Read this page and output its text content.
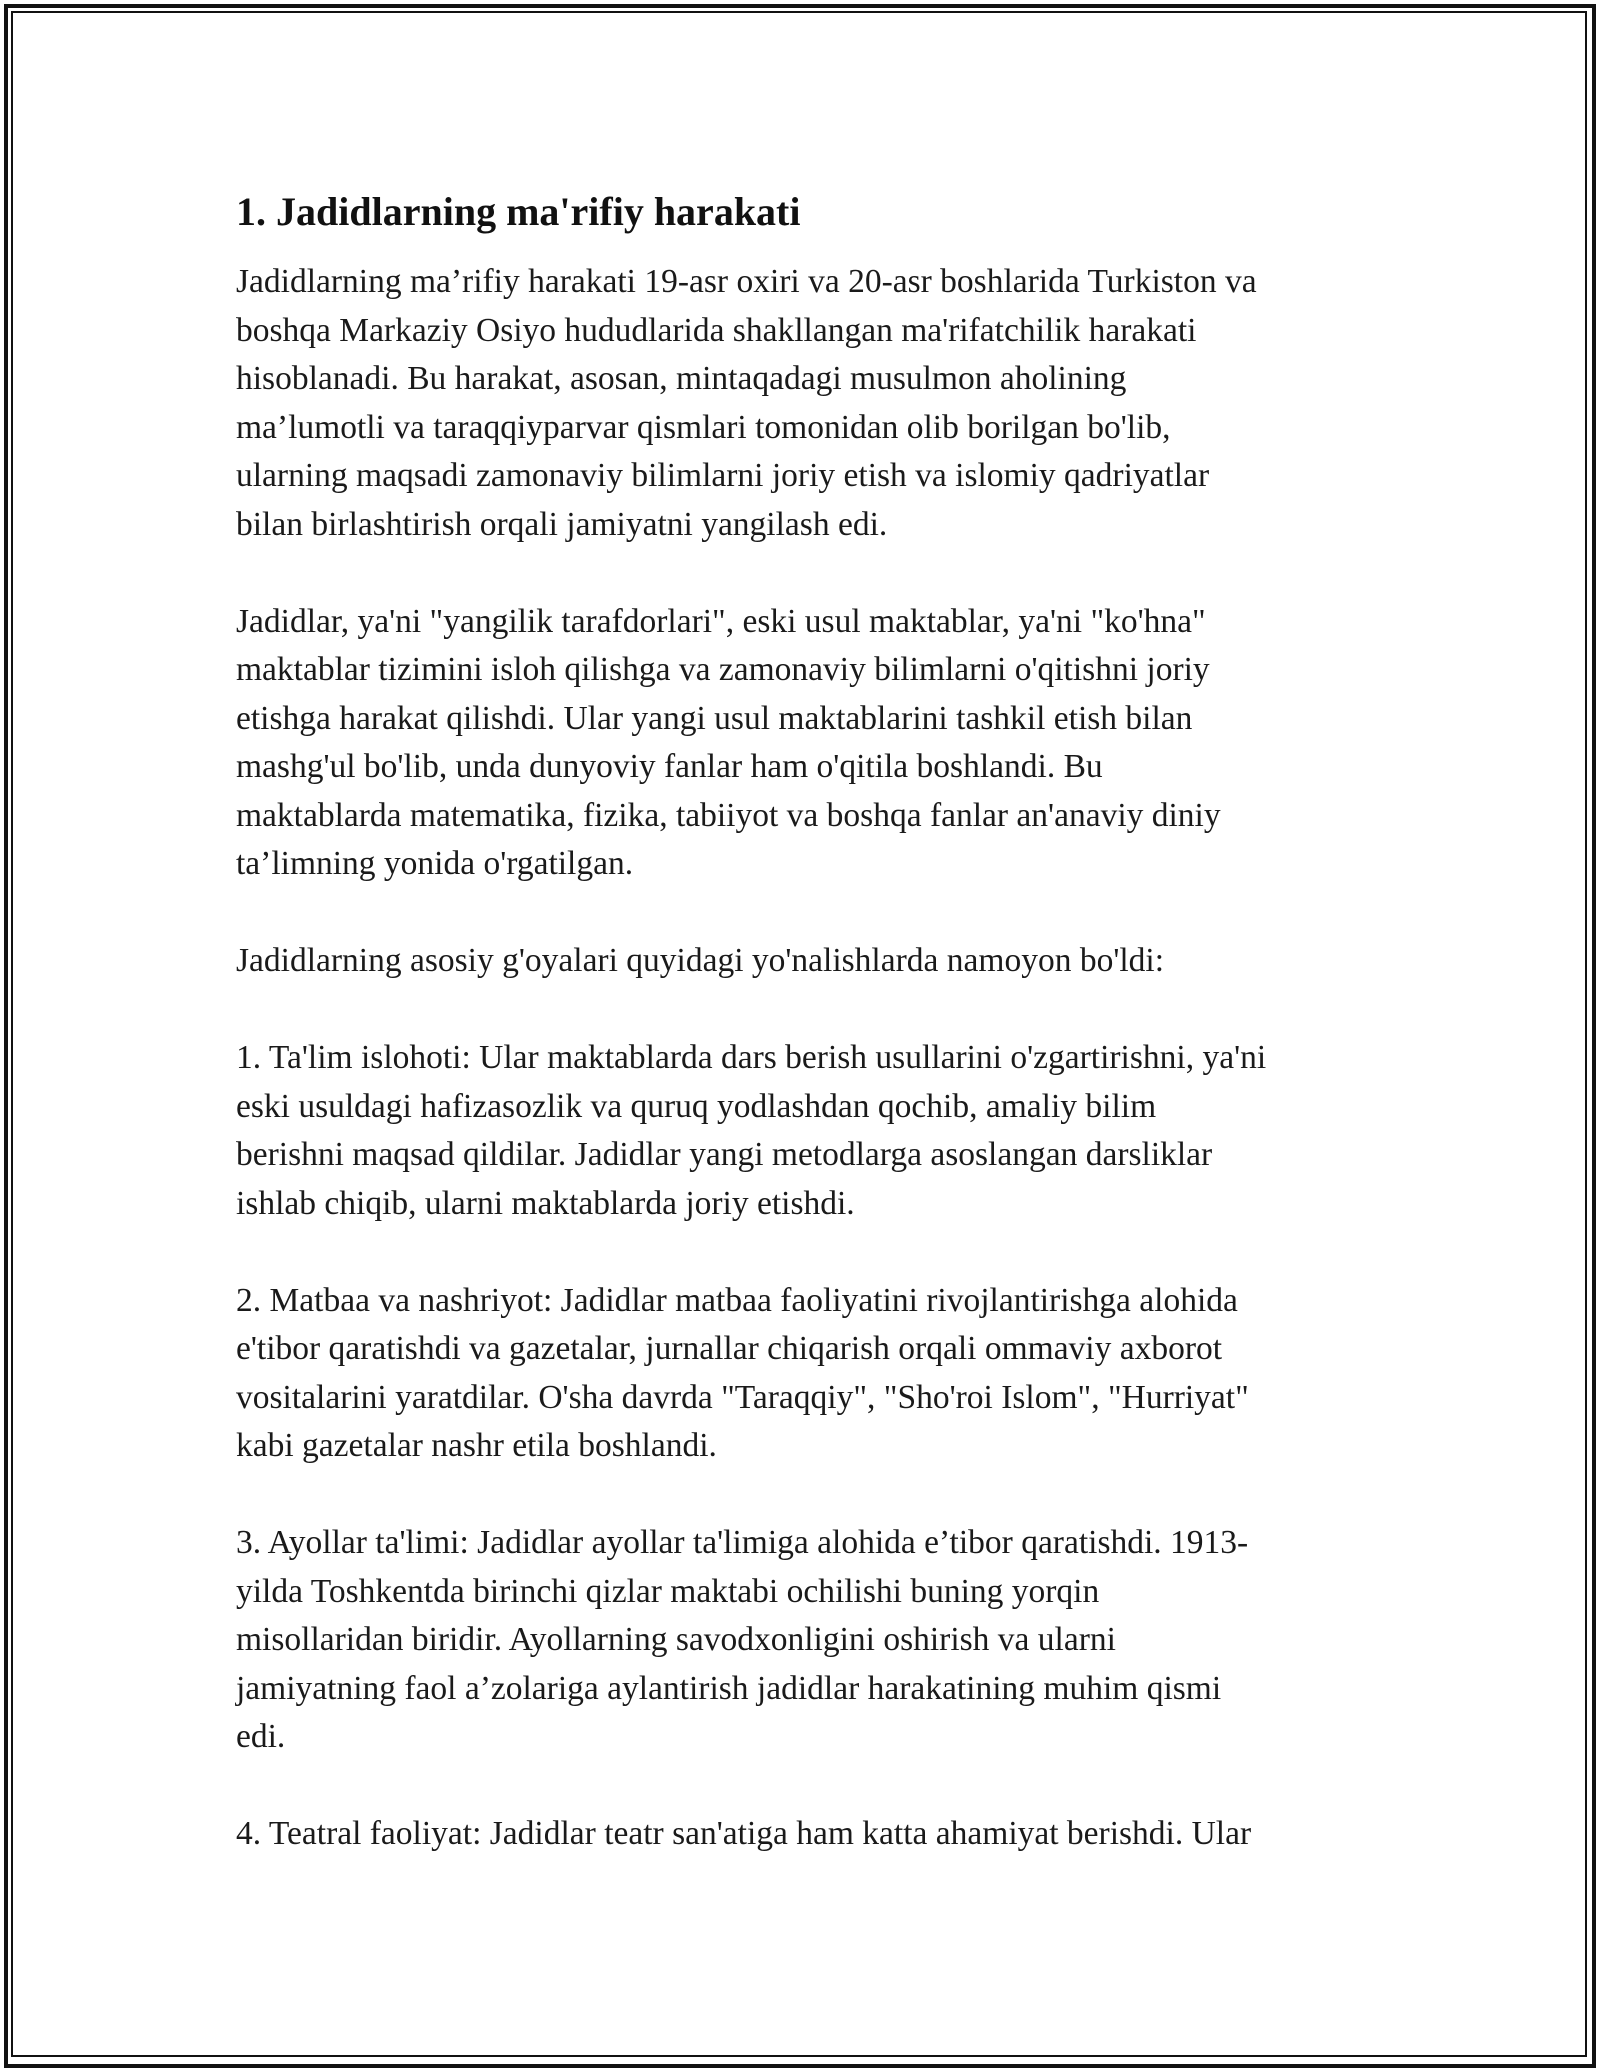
1. Jadidlarning ma'rifiy harakati

Jadidlarning ma’rifiy harakati 19-asr oxiri va 20-asr boshlarida Turkiston va
boshqa Markaziy Osiyo hududlarida shakllangan ma'rifatchilik harakati
hisoblanadi. Bu harakat, asosan, mintaqadagi musulmon aholining
ma’lumotli va taraqqiyparvar qismlari tomonidan olib borilgan bo'lib,
ularning maqsadi zamonaviy bilimlarni joriy etish va islomiy qadriyatlar
bilan birlashtirish orqali jamiyatni yangilash edi.

Jadidlar, ya'ni "yangilik tarafdorlari", eski usul maktablar, ya'ni "ko'hna"
maktablar tizimini isloh qilishga va zamonaviy bilimlarni o'qitishni joriy
etishga harakat qilishdi. Ular yangi usul maktablarini tashkil etish bilan
mashg'ul bo'lib, unda dunyoviy fanlar ham o'qitila boshlandi. Bu
maktablarda matematika, fizika, tabiiyot va boshqa fanlar an'anaviy diniy
ta’limning yonida o'rgatilgan.

Jadidlarning asosiy g'oyalari quyidagi yo'nalishlarda namoyon bo'ldi:

1. Ta'lim islohoti: Ular maktablarda dars berish usullarini o'zgartirishni, ya'ni
eski usuldagi hafizasozlik va quruq yodlashdan qochib, amaliy bilim
berishni maqsad qildilar. Jadidlar yangi metodlarga asoslangan darsliklar
ishlab chiqib, ularni maktablarda joriy etishdi.

2. Matbaa va nashriyot: Jadidlar matbaa faoliyatini rivojlantirishga alohida
e'tibor qaratishdi va gazetalar, jurnallar chiqarish orqali ommaviy axborot
vositalarini yaratdilar. O'sha davrda "Taraqqiy", "Sho'roi Islom", "Hurriyat"
kabi gazetalar nashr etila boshlandi.

3. Ayollar ta'limi: Jadidlar ayollar ta'limiga alohida e’tibor qaratishdi. 1913-
yilda Toshkentda birinchi qizlar maktabi ochilishi buning yorqin
misollaridan biridir. Ayollarning savodxonligini oshirish va ularni
jamiyatning faol a’zolariga aylantirish jadidlar harakatining muhim qismi
edi.

4. Teatral faoliyat: Jadidlar teatr san'atiga ham katta ahamiyat berishdi. Ular
